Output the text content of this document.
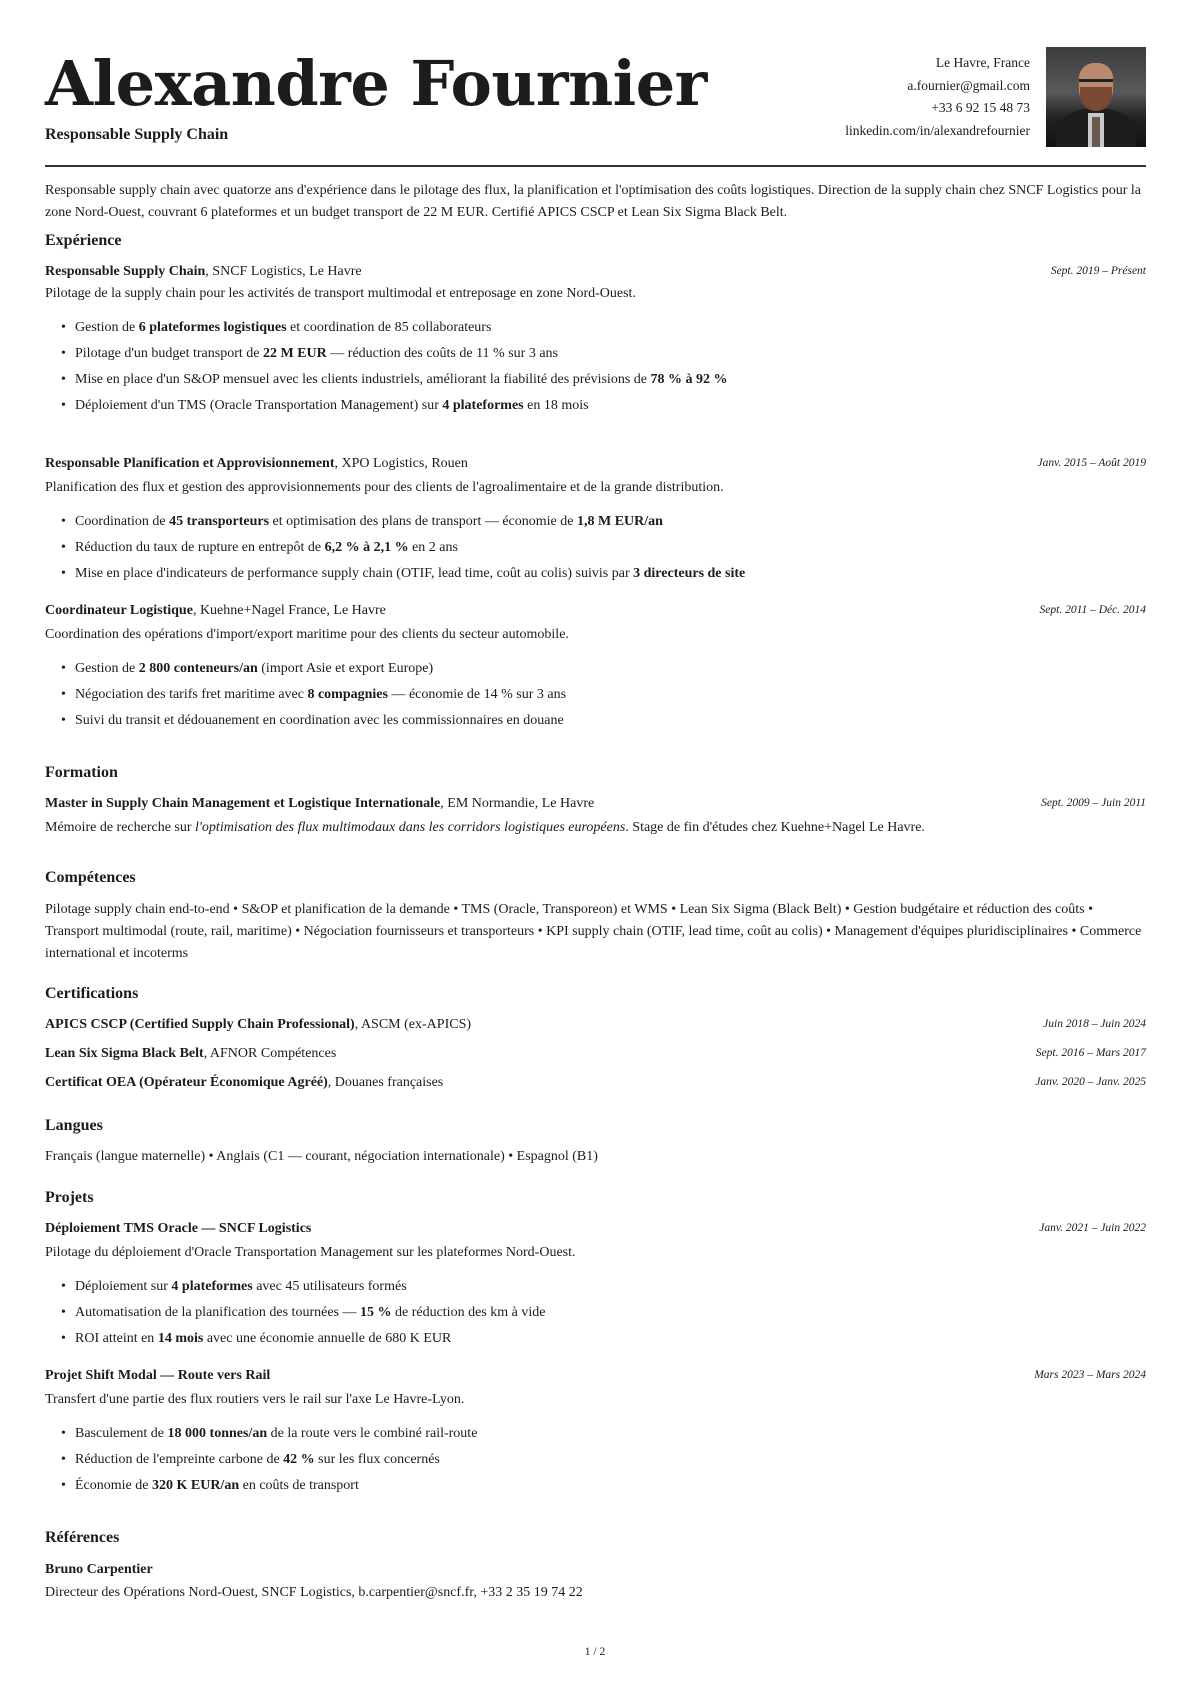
Alexandre Fournier
Responsable Supply Chain
Le Havre, France
a.fournier@gmail.com
+33 6 92 15 48 73
linkedin.com/in/alexandrefournier
Responsable supply chain avec quatorze ans d'expérience dans le pilotage des flux, la planification et l'optimisation des coûts logistiques. Direction de la supply chain chez SNCF Logistics pour la zone Nord-Ouest, couvrant 6 plateformes et un budget transport de 22 M EUR. Certifié APICS CSCP et Lean Six Sigma Black Belt.
Expérience
Responsable Supply Chain, SNCF Logistics, Le Havre	Sept. 2019 – Présent
Pilotage de la supply chain pour les activités de transport multimodal et entreposage en zone Nord-Ouest.
• Gestion de 6 plateformes logistiques et coordination de 85 collaborateurs
• Pilotage d'un budget transport de 22 M EUR — réduction des coûts de 11 % sur 3 ans
• Mise en place d'un S&OP mensuel avec les clients industriels, améliorant la fiabilité des prévisions de 78 % à 92 %
• Déploiement d'un TMS (Oracle Transportation Management) sur 4 plateformes en 18 mois
Responsable Planification et Approvisionnement, XPO Logistics, Rouen	Janv. 2015 – Août 2019
Planification des flux et gestion des approvisionnements pour des clients de l'agroalimentaire et de la grande distribution.
• Coordination de 45 transporteurs et optimisation des plans de transport — économie de 1,8 M EUR/an
• Réduction du taux de rupture en entrepôt de 6,2 % à 2,1 % en 2 ans
• Mise en place d'indicateurs de performance supply chain (OTIF, lead time, coût au colis) suivis par 3 directeurs de site
Coordinateur Logistique, Kuehne+Nagel France, Le Havre	Sept. 2011 – Déc. 2014
Coordination des opérations d'import/export maritime pour des clients du secteur automobile.
• Gestion de 2 800 conteneurs/an (import Asie et export Europe)
• Négociation des tarifs fret maritime avec 8 compagnies — économie de 14 % sur 3 ans
• Suivi du transit et dédouanement en coordination avec les commissionnaires en douane
Formation
Master in Supply Chain Management et Logistique Internationale, EM Normandie, Le Havre	Sept. 2009 – Juin 2011
Mémoire de recherche sur l'optimisation des flux multimodaux dans les corridors logistiques européens. Stage de fin d'études chez Kuehne+Nagel Le Havre.
Compétences
Pilotage supply chain end-to-end • S&OP et planification de la demande • TMS (Oracle, Transporeon) et WMS • Lean Six Sigma (Black Belt) • Gestion budgétaire et réduction des coûts • Transport multimodal (route, rail, maritime) • Négociation fournisseurs et transporteurs • KPI supply chain (OTIF, lead time, coût au colis) • Management d'équipes pluridisciplinaires • Commerce international et incoterms
Certifications
APICS CSCP (Certified Supply Chain Professional), ASCM (ex-APICS)	Juin 2018 – Juin 2024
Lean Six Sigma Black Belt, AFNOR Compétences	Sept. 2016 – Mars 2017
Certificat OEA (Opérateur Économique Agréé), Douanes françaises	Janv. 2020 – Janv. 2025
Langues
Français (langue maternelle) • Anglais (C1 — courant, négociation internationale) • Espagnol (B1)
Projets
Déploiement TMS Oracle — SNCF Logistics	Janv. 2021 – Juin 2022
Pilotage du déploiement d'Oracle Transportation Management sur les plateformes Nord-Ouest.
• Déploiement sur 4 plateformes avec 45 utilisateurs formés
• Automatisation de la planification des tournées — 15 % de réduction des km à vide
• ROI atteint en 14 mois avec une économie annuelle de 680 K EUR
Projet Shift Modal — Route vers Rail	Mars 2023 – Mars 2024
Transfert d'une partie des flux routiers vers le rail sur l'axe Le Havre-Lyon.
• Basculement de 18 000 tonnes/an de la route vers le combiné rail-route
• Réduction de l'empreinte carbone de 42 % sur les flux concernés
• Économie de 320 K EUR/an en coûts de transport
Références
Bruno Carpentier
Directeur des Opérations Nord-Ouest, SNCF Logistics, b.carpentier@sncf.fr, +33 2 35 19 74 22
1 / 2
